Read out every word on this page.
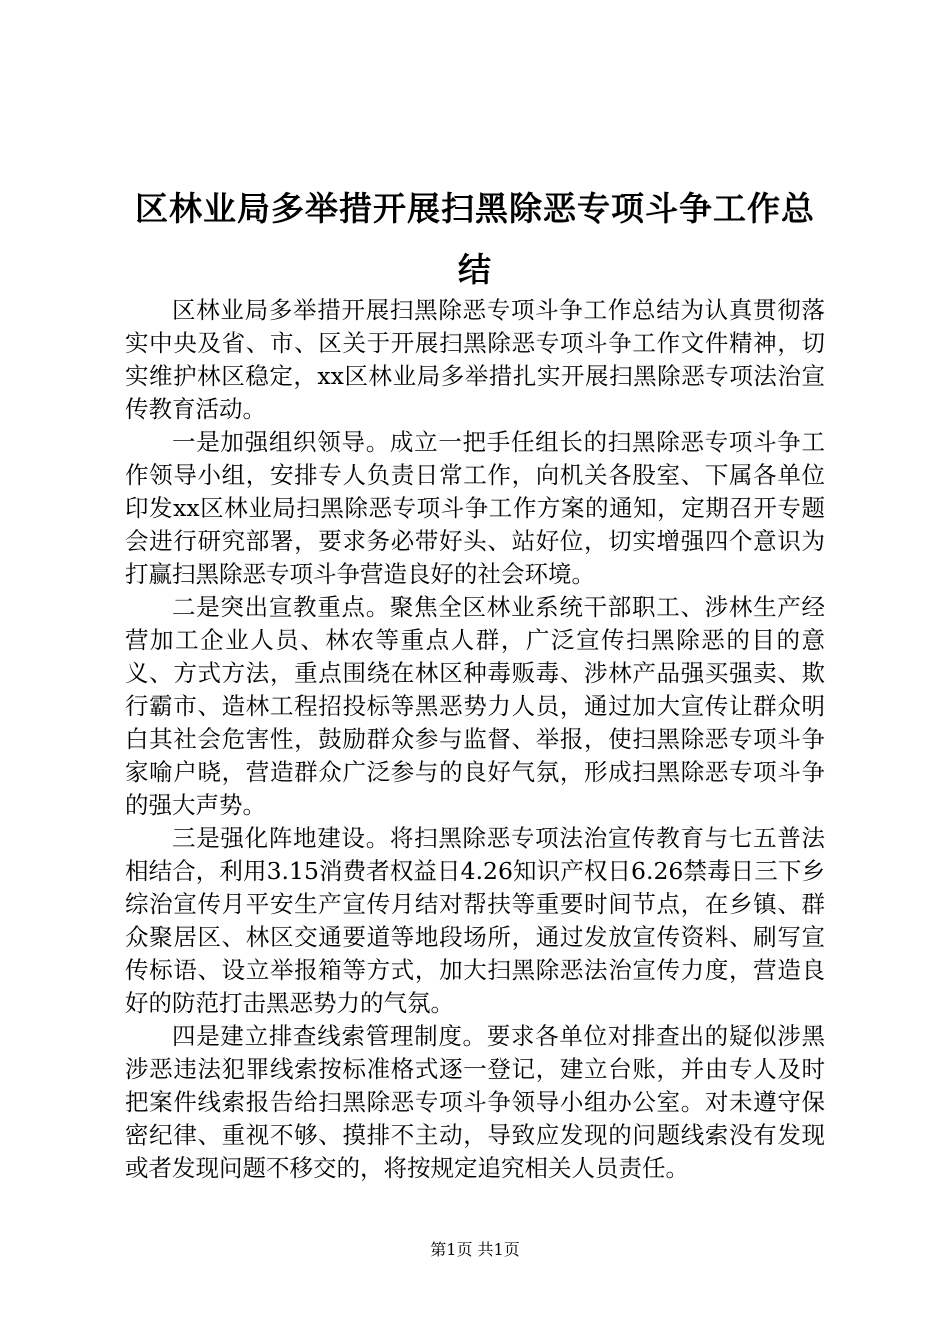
区林业局多举措开展扫黑除恶专项斗争工作总结

区林业局多举措开展扫黑除恶专项斗争工作总结为认真贯彻落实中央及省、市、区关于开展扫黑除恶专项斗争工作文件精神，切实维护林区稳定，xx区林业局多举措扎实开展扫黑除恶专项法治宣传教育活动。

一是加强组织领导。成立一把手任组长的扫黑除恶专项斗争工作领导小组，安排专人负责日常工作，向机关各股室、下属各单位印发xx区林业局扫黑除恶专项斗争工作方案的通知，定期召开专题会进行研究部署，要求务必带好头、站好位，切实增强四个意识为打赢扫黑除恶专项斗争营造良好的社会环境。

二是突出宣教重点。聚焦全区林业系统干部职工、涉林生产经营加工企业人员、林农等重点人群，广泛宣传扫黑除恶的目的意义、方式方法，重点围绕在林区种毒贩毒、涉林产品强买强卖、欺行霸市、造林工程招投标等黑恶势力人员，通过加大宣传让群众明白其社会危害性，鼓励群众参与监督、举报，使扫黑除恶专项斗争家喻户晓，营造群众广泛参与的良好气氛，形成扫黑除恶专项斗争的强大声势。

三是强化阵地建设。将扫黑除恶专项法治宣传教育与七五普法相结合，利用3.15消费者权益日4.26知识产权日6.26禁毒日三下乡综治宣传月平安生产宣传月结对帮扶等重要时间节点，在乡镇、群众聚居区、林区交通要道等地段场所，通过发放宣传资料、刷写宣传标语、设立举报箱等方式，加大扫黑除恶法治宣传力度，营造良好的防范打击黑恶势力的气氛。

四是建立排查线索管理制度。要求各单位对排查出的疑似涉黑涉恶违法犯罪线索按标准格式逐一登记，建立台账，并由专人及时把案件线索报告给扫黑除恶专项斗争领导小组办公室。对未遵守保密纪律、重视不够、摸排不主动，导致应发现的问题线索没有发现或者发现问题不移交的，将按规定追究相关人员责任。

第1页 共1页
